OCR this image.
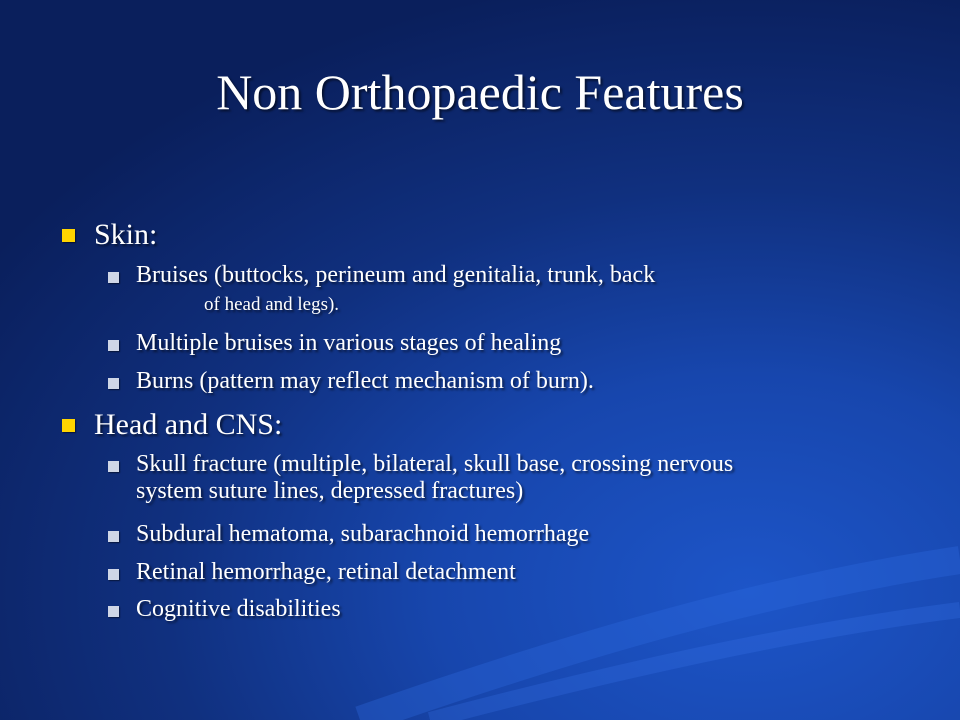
Non Orthopaedic Features
Skin:
Bruises (buttocks, perineum and genitalia, trunk, back
of head and legs).
Multiple bruises in various stages of healing
Burns (pattern may reflect mechanism of burn).
Head and CNS:
Skull fracture (multiple, bilateral, skull base, crossing nervous
system suture lines, depressed fractures)
Subdural hematoma, subarachnoid hemorrhage
Retinal hemorrhage, retinal detachment
Cognitive disabilities
